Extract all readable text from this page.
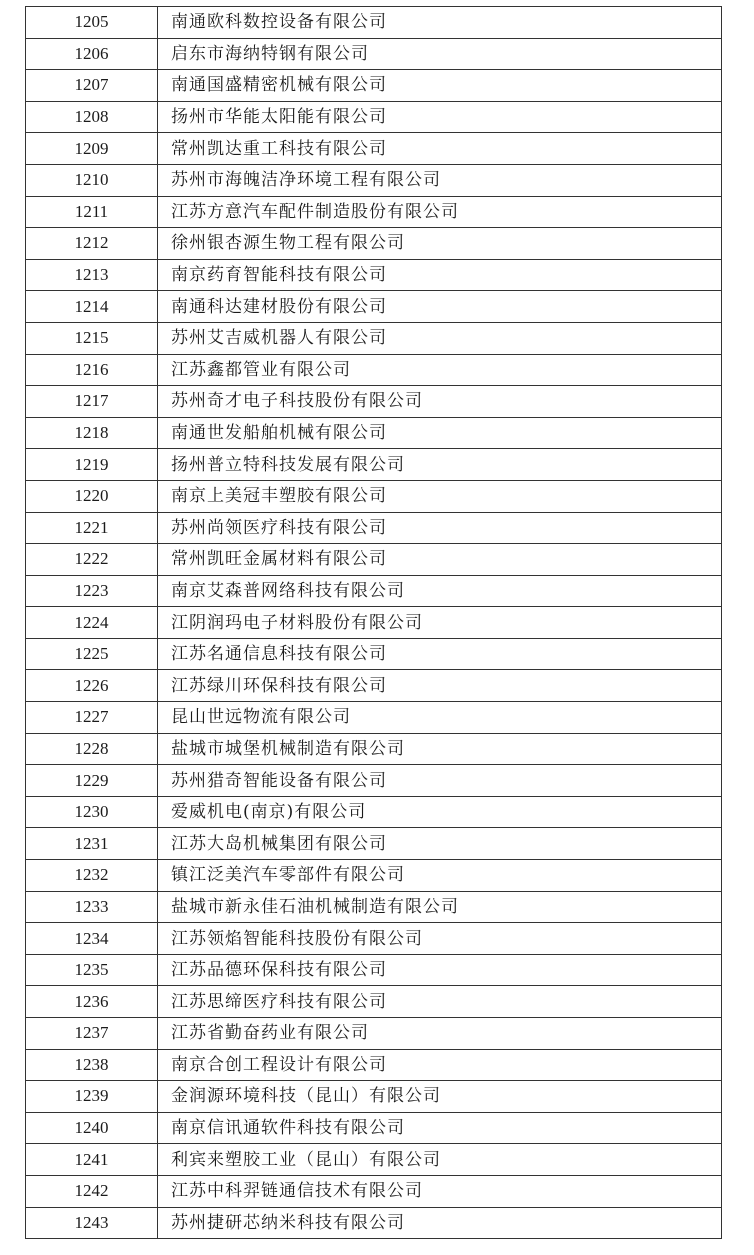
1205	南通欧科数控设备有限公司
1206	启东市海纳特钢有限公司
1207	南通国盛精密机械有限公司
1208	扬州市华能太阳能有限公司
1209	常州凯达重工科技有限公司
1210	苏州市海魄洁净环境工程有限公司
1211	江苏方意汽车配件制造股份有限公司
1212	徐州银杏源生物工程有限公司
1213	南京药育智能科技有限公司
1214	南通科达建材股份有限公司
1215	苏州艾吉威机器人有限公司
1216	江苏鑫都管业有限公司
1217	苏州奇才电子科技股份有限公司
1218	南通世发船舶机械有限公司
1219	扬州普立特科技发展有限公司
1220	南京上美冠丰塑胶有限公司
1221	苏州尚领医疗科技有限公司
1222	常州凯旺金属材料有限公司
1223	南京艾森普网络科技有限公司
1224	江阴润玛电子材料股份有限公司
1225	江苏名通信息科技有限公司
1226	江苏绿川环保科技有限公司
1227	昆山世远物流有限公司
1228	盐城市城堡机械制造有限公司
1229	苏州猎奇智能设备有限公司
1230	爱威机电(南京)有限公司
1231	江苏大岛机械集团有限公司
1232	镇江泛美汽车零部件有限公司
1233	盐城市新永佳石油机械制造有限公司
1234	江苏领焰智能科技股份有限公司
1235	江苏品德环保科技有限公司
1236	江苏思缔医疗科技有限公司
1237	江苏省勤奋药业有限公司
1238	南京合创工程设计有限公司
1239	金润源环境科技（昆山）有限公司
1240	南京信讯通软件科技有限公司
1241	利宾来塑胶工业（昆山）有限公司
1242	江苏中科羿链通信技术有限公司
1243	苏州捷研芯纳米科技有限公司
